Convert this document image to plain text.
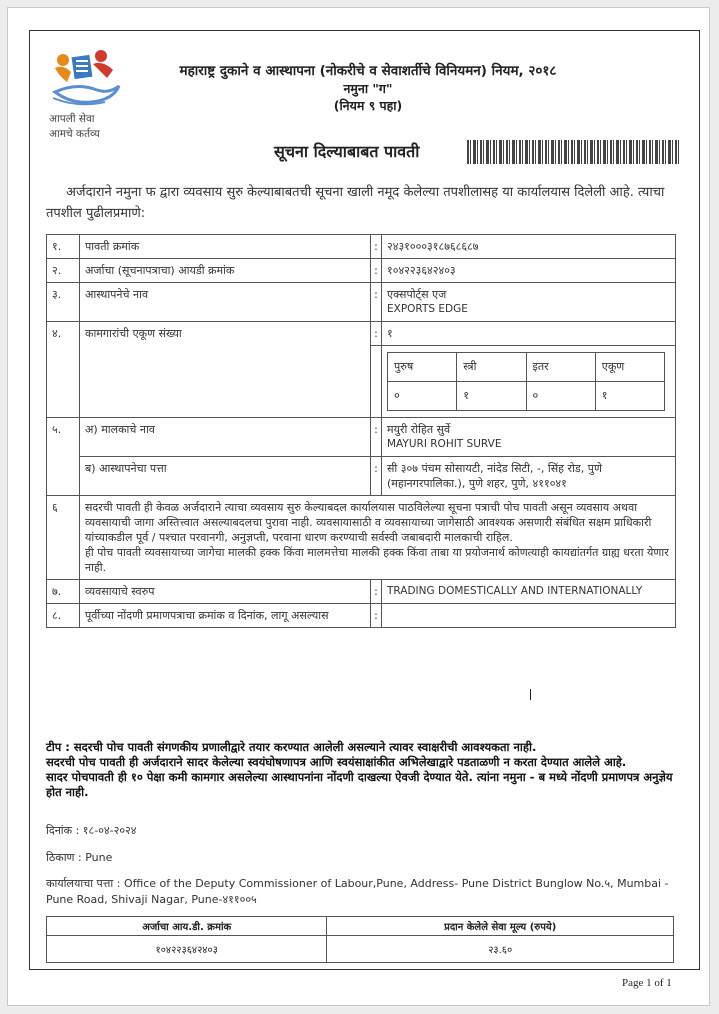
आपली सेवा
आमचे कर्तव्य
महाराष्ट्र दुकाने व आस्थापना (नोकरीचे व सेवाशर्तीचे विनियमन) नियम, २०१८
नमुना "ग"
(नियम ९ पहा)
सूचना दिल्याबाबत पावती
अर्जदाराने नमुना फ द्वारा व्यवसाय सुरु केल्याबाबतची सूचना खाली नमूद केलेल्या तपशीलासह या कार्यालयास दिलेली आहे. त्याचा तपशील पुढीलप्रमाणे:
१.	पावती क्रमांक	:	२४३१०००३१८७६८६८७
२.	अर्जाचा (सूचनापत्राचा) आयडी क्रमांक	:	१०४२२३६४२४०३
३.	आस्थापनेचे नाव	:	एक्सपोर्ट्स एज
EXPORTS EDGE

४.	कामगारांची एकूण संख्या	:	१

पुरुष	स्त्री	इतर	एकूण
०	१	०	१

५.	अ) मालकाचे नाव	:	मयुरी रोहित सुर्वे
MAYURI ROHIT SURVE

ब) आस्थापनेचा पत्ता	:	सी ३०७ पंचम सोसायटी, नांदेड सिटी, -, सिंह रोड, पुणे (महानगरपालिका.), पुणे शहर, पुणे, ४११०४१
६	सदरची पावती ही केवळ अर्जदाराने त्याचा व्यवसाय सुरु केल्याबदल कार्यालयास पाठविलेल्या सूचना पत्राची पोच पावती असून व्यवसाय अथवा व्यवसायाची जागा अस्तित्त्वात असल्याबदलचा पुरावा नाही. व्यवसायासाठी व व्यवसायाच्या जागेसाठी आवश्यक असणारी संबंधित सक्षम प्राधिकारी यांच्याकडील पूर्व / पश्चात परवानगी, अनुज्ञप्ती, परवाना धारण करण्याची सर्वस्वी जबाबदारी मालकाची राहिल.
ही पोच पावती व्यवसायाच्या जागेचा मालकी हक्क किंवा मालमत्तेचा मालकी हक्क किंवा ताबा या प्रयोजनार्थ कोणत्याही कायद्यांतर्गत ग्राह्य धरता येणार नाही.

७.	व्यवसायाचे स्वरुप	:	TRADING DOMESTICALLY AND INTERNATIONALLY
८.	पूर्वीच्या नोंदणी प्रमाणपत्राचा क्रमांक व दिनांक, लागू असल्यास	:	

टीप : सदरची पोच पावती संगणकीय प्रणालीद्वारे तयार करण्यात आलेली असल्याने त्यावर स्वाक्षरीची आवश्यकता नाही.

सदरची पोच पावती ही अर्जदाराने सादर केलेल्या स्वयंघोषणापत्र आणि स्वयंसाक्षांकीत अभिलेखाद्वारे पडताळणी न करता देण्यात आलेले आहे.

सादर पोचपावती ही १० पेक्षा कमी कामगार असलेल्या आस्थापनांना नोंदणी दाखल्या ऐवजी देण्यात येते. त्यांना नमुना - ब मध्ये नोंदणी प्रमाणपत्र अनुज्ञेय होत नाही.

दिनांक : १८-०४-२०२४
ठिकाण : Pune
कार्यालयाचा पत्ता : Office of the Deputy Commissioner of Labour,Pune, Address- Pune District Bunglow No.५, Mumbai - Pune Road, Shivaji Nagar, Pune-४११००५
अर्जाचा आय.डी. क्रमांक	प्रदान केलेले सेवा मूल्य (रुपये)
१०४२२३६४२४०३	२३.६०
Page 1 of 1
